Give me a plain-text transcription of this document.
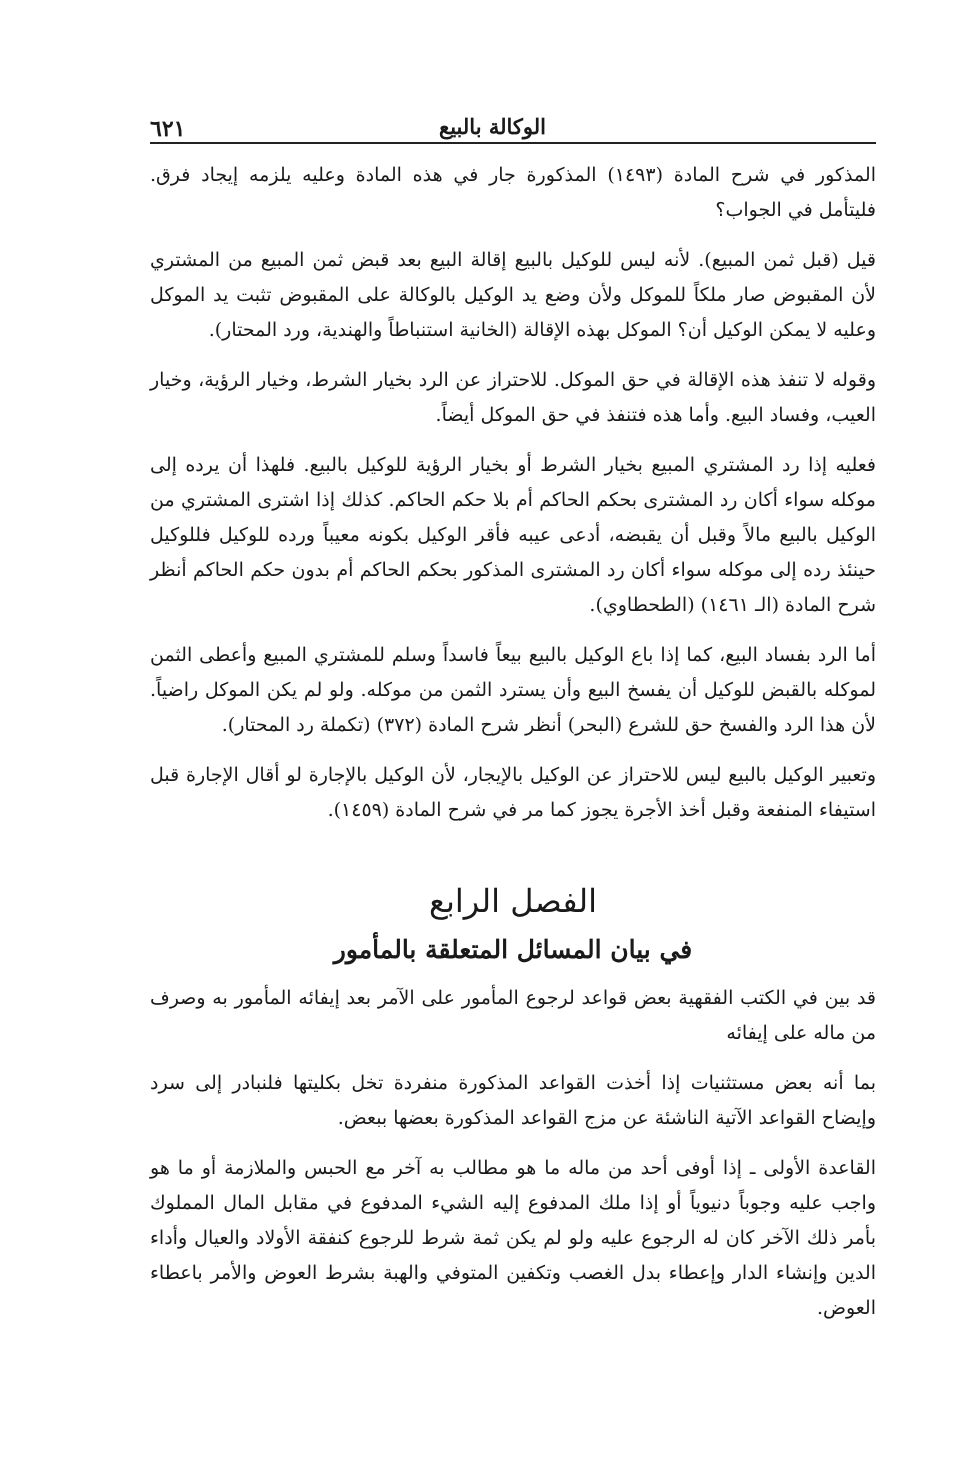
الوكالة بالبيع
٦٢١

المذكور في شرح المادة (١٤٩٣) المذكورة جار في هذه المادة وعليه يلزمه إيجاد فرق. فليتأمل في الجواب؟

قيل (قبل ثمن المبيع). لأنه ليس للوكيل بالبيع إقالة البيع بعد قبض ثمن المبيع من المشتري لأن المقبوض صار ملكاً للموكل ولأن وضع يد الوكيل بالوكالة على المقبوض تثبت يد الموكل وعليه لا يمكن الوكيل أن؟ الموكل بهذه الإقالة (الخانية استنباطاً والهندية، ورد المحتار).

وقوله لا تنفذ هذه الإقالة في حق الموكل. للاحتراز عن الرد بخيار الشرط، وخيار الرؤية، وخيار العيب، وفساد البيع. وأما هذه فتنفذ في حق الموكل أيضاً.

فعليه إذا رد المشتري المبيع بخيار الشرط أو بخيار الرؤية للوكيل بالبيع. فلهذا أن يرده إلى موكله سواء أكان رد المشترى بحكم الحاكم أم بلا حكم الحاكم. كذلك إذا اشترى المشتري من الوكيل بالبيع مالاً وقبل أن يقبضه، أدعى عيبه فأقر الوكيل بكونه معيباً ورده للوكيل فللوكيل حينئذ رده إلى موكله سواء أكان رد المشترى المذكور بحكم الحاكم أم بدون حكم الحاكم أنظر شرح المادة (الـ ١٤٦١) (الطحطاوي).

أما الرد بفساد البيع، كما إذا باع الوكيل بالبيع بيعاً فاسداً وسلم للمشتري المبيع وأعطى الثمن لموكله بالقبض للوكيل أن يفسخ البيع وأن يسترد الثمن من موكله. ولو لم يكن الموكل راضياً. لأن هذا الرد والفسخ حق للشرع (البحر) أنظر شرح المادة (٣٧٢) (تكملة رد المحتار).

وتعبير الوكيل بالبيع ليس للاحتراز عن الوكيل بالإيجار، لأن الوكيل بالإجارة لو أقال الإجارة قبل استيفاء المنفعة وقبل أخذ الأجرة يجوز كما مر في شرح المادة (١٤٥٩).

الفصل الرابع
في بيان المسائل المتعلقة بالمأمور

قد بين في الكتب الفقهية بعض قواعد لرجوع المأمور على الآمر بعد إيفائه المأمور به وصرف من ماله على إيفائه

بما أنه بعض مستثنيات إذا أخذت القواعد المذكورة منفردة تخل بكليتها فلنبادر إلى سرد وإيضاح القواعد الآتية الناشئة عن مزج القواعد المذكورة بعضها ببعض.

القاعدة الأولى ـ إذا أوفى أحد من ماله ما هو مطالب به آخر مع الحبس والملازمة أو ما هو واجب عليه وجوباً دنيوياً أو إذا ملك المدفوع إليه الشيء المدفوع في مقابل المال المملوك بأمر ذلك الآخر كان له الرجوع عليه ولو لم يكن ثمة شرط للرجوع كنفقة الأولاد والعيال وأداء الدين وإنشاء الدار وإعطاء بدل الغصب وتكفين المتوفي والهبة بشرط العوض والأمر باعطاء العوض.
